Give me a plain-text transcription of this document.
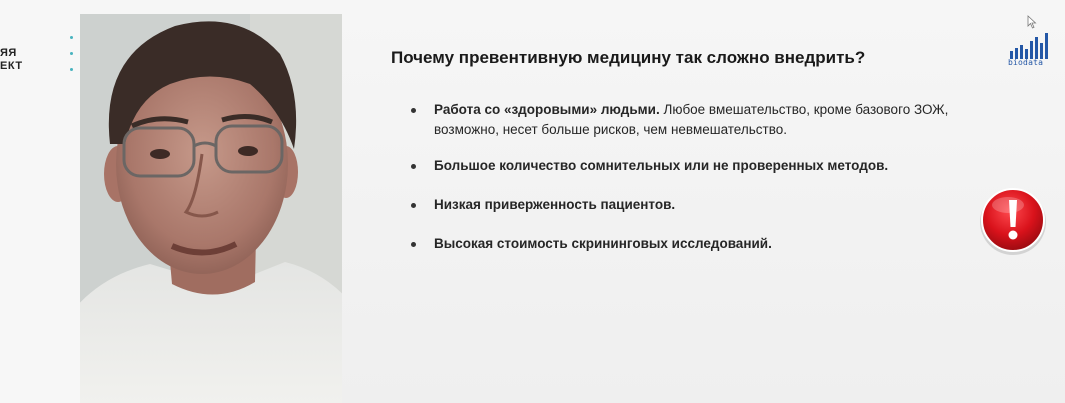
ЯЯ
ЕКТ	Почему превентивную медицину так сложно внедрить?
Работа со «здоровыми» людьми. Любое вмешательство, кроме базового ЗОЖ, возможно, несет больше рисков, чем невмешательство.
Большое количество сомнительных или не проверенных методов.
Низкая приверженность пациентов.
Высокая стоимость скрининговых исследований.
biodata
